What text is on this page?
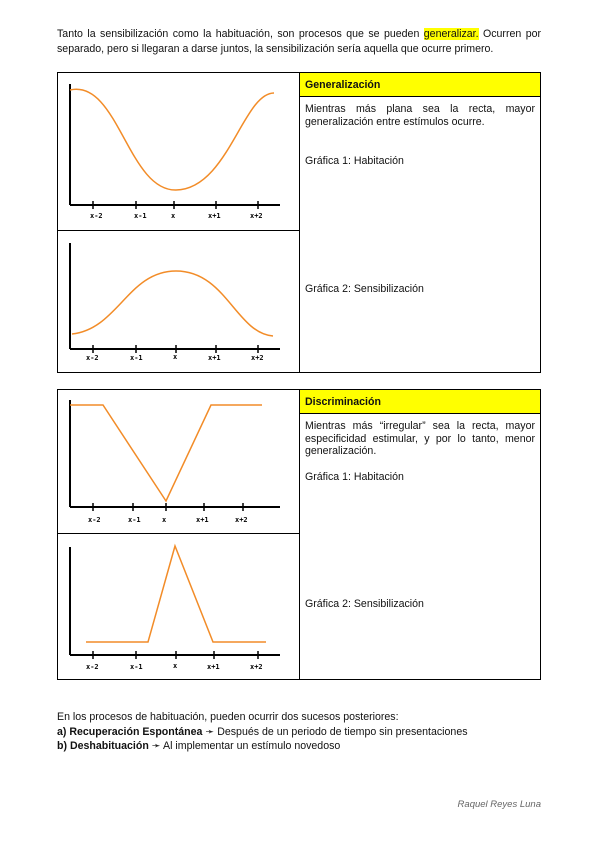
Tanto la sensibilización como la habituación, son procesos que se pueden generalizar. Ocurren por separado, pero si llegaran a darse juntos, la sensibilización sería aquella que ocurre primero.

x-2	x-1	x	x+1	x+2

Generalización

Mientras más plana sea la recta, mayor generalización entre estímulos ocurre.

Gráfica 1: Habitación
Gráfica 2: Sensibilización

x-2	x-1	x	x+1	x+2
x-2	x-1	x	x+1	x+2

Discriminación

Mientras más “irregular” sea la recta, mayor especificidad estimular, y por lo tanto, menor generalización.

Gráfica 1: Habitación
Gráfica 2: Sensibilización

x-2	x-1	x	x+1	x+2
En los procesos de habituación, pueden ocurrir dos sucesos posteriores:
a) Recuperación Espontánea ➛ Después de un periodo de tiempo sin presentaciones
b) Deshabituación ➛ Al implementar un estímulo novedoso
Raquel Reyes Luna
